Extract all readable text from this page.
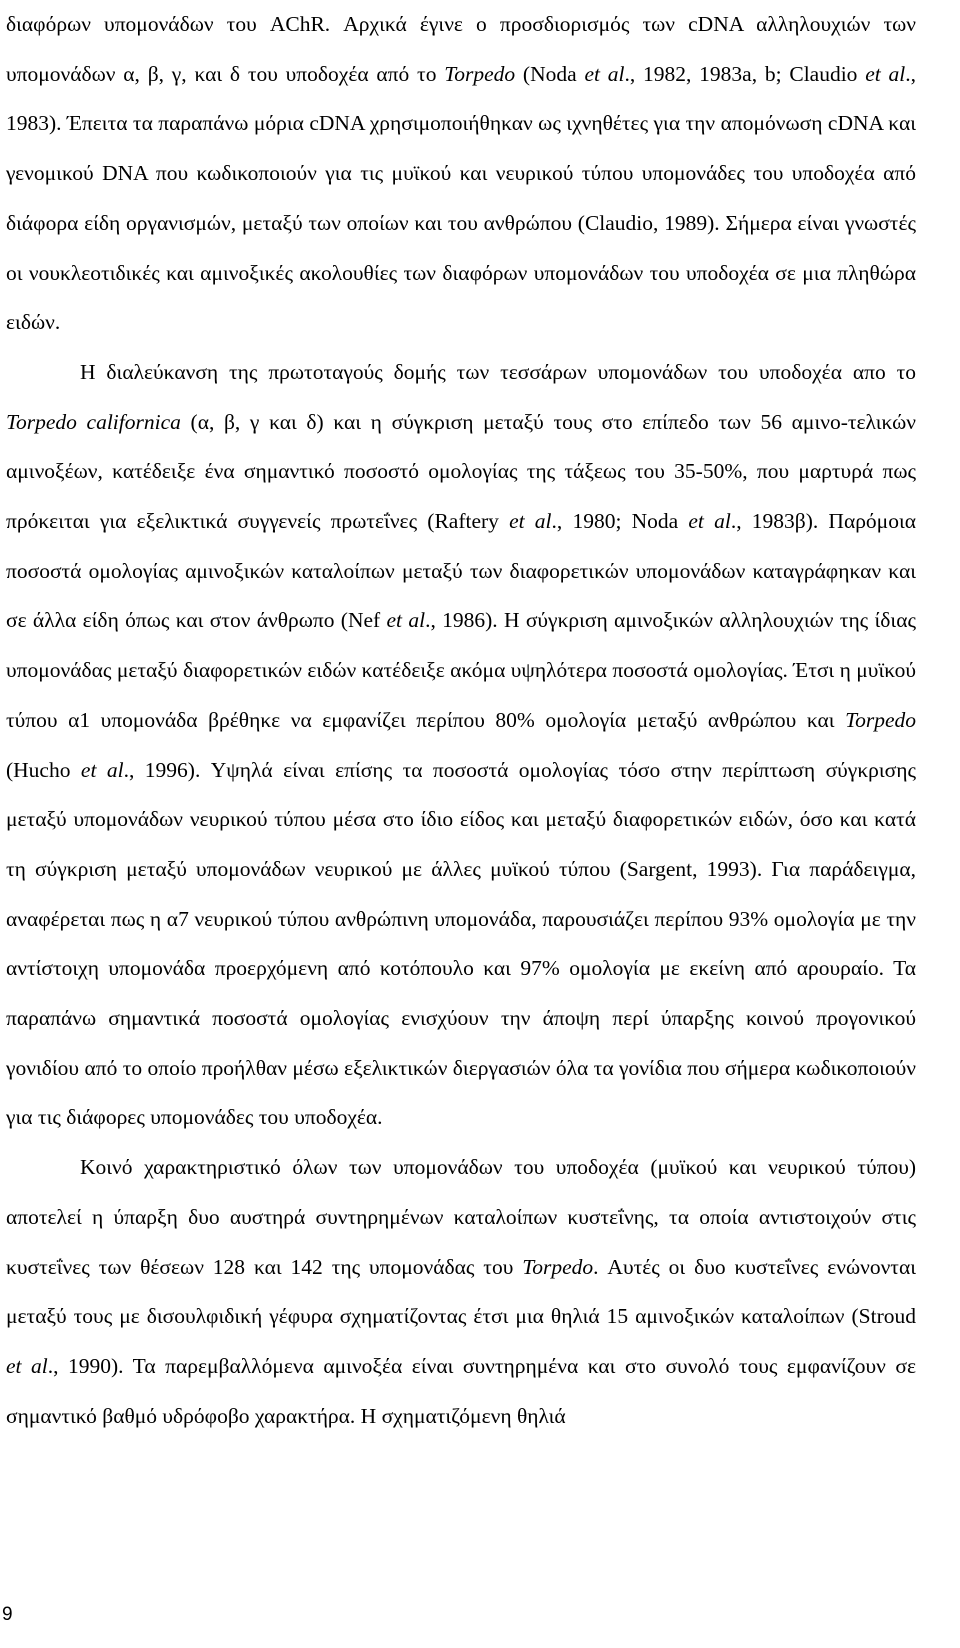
διαφόρων υπομονάδων του AChR. Αρχικά έγινε ο προσδιορισμός των cDNA αλληλουχιών των υπομονάδων α, β, γ, και δ του υποδοχέα από το Torpedo (Noda et al., 1982, 1983a, b; Claudio et al., 1983). Έπειτα τα παραπάνω μόρια cDNA χρησιμοποιήθηκαν ως ιχνηθέτες για την απομόνωση cDNA και γενομικού DNA που κωδικοποιούν για τις μυϊκού και νευρικού τύπου υπομονάδες του υποδοχέα από διάφορα είδη οργανισμών, μεταξύ των οποίων και του ανθρώπου (Claudio, 1989). Σήμερα είναι γνωστές οι νουκλεοτιδικές και αμινοξικές ακολουθίες των διαφόρων υπομονάδων του υποδοχέα σε μια πληθώρα ειδών.

Η διαλεύκανση της πρωτοταγούς δομής των τεσσάρων υπομονάδων του υποδοχέα απο το Torpedo californica (α, β, γ και δ) και η σύγκριση μεταξύ τους στο επίπεδο των 56 αμινο-τελικών αμινοξέων, κατέδειξε ένα σημαντικό ποσοστό ομολογίας της τάξεως του 35-50%, που μαρτυρά πως πρόκειται για εξελικτικά συγγενείς πρωτεΐνες (Raftery et al., 1980; Noda et al., 1983β). Παρόμοια ποσοστά ομολογίας αμινοξικών καταλοίπων μεταξύ των διαφορετικών υπομονάδων καταγράφηκαν και σε άλλα είδη όπως και στον άνθρωπο (Nef et al., 1986). Η σύγκριση αμινοξικών αλληλουχιών της ίδιας υπομονάδας μεταξύ διαφορετικών ειδών κατέδειξε ακόμα υψηλότερα ποσοστά ομολογίας. Έτσι η μυϊκού τύπου α1 υπομονάδα βρέθηκε να εμφανίζει περίπου 80% ομολογία μεταξύ ανθρώπου και Torpedo (Hucho et al., 1996). Υψηλά είναι επίσης τα ποσοστά ομολογίας τόσο στην περίπτωση σύγκρισης μεταξύ υπομονάδων νευρικού τύπου μέσα στο ίδιο είδος και μεταξύ διαφορετικών ειδών, όσο και κατά τη σύγκριση μεταξύ υπομονάδων νευρικού με άλλες μυϊκού τύπου (Sargent, 1993). Για παράδειγμα, αναφέρεται πως η α7 νευρικού τύπου ανθρώπινη υπομονάδα, παρουσιάζει περίπου 93% ομολογία με την αντίστοιχη υπομονάδα προερχόμενη από κοτόπουλο και 97% ομολογία με εκείνη από αρουραίο. Τα παραπάνω σημαντικά ποσοστά ομολογίας ενισχύουν την άποψη περί ύπαρξης κοινού προγονικού γονιδίου από το οποίο προήλθαν μέσω εξελικτικών διεργασιών όλα τα γονίδια που σήμερα κωδικοποιούν για τις διάφορες υπομονάδες του υποδοχέα.

Κοινό χαρακτηριστικό όλων των υπομονάδων του υποδοχέα (μυϊκού και νευρικού τύπου) αποτελεί η ύπαρξη δυο αυστηρά συντηρημένων καταλοίπων κυστεΐνης, τα οποία αντιστοιχούν στις κυστεΐνες των θέσεων 128 και 142 της υπομονάδας του Torpedo. Αυτές οι δυο κυστεΐνες ενώνονται μεταξύ τους με δισουλφιδική γέφυρα σχηματίζοντας έτσι μια θηλιά 15 αμινοξικών καταλοίπων (Stroud et al., 1990). Τα παρεμβαλλόμενα αμινοξέα είναι συντηρημένα και στο συνολό τους εμφανίζουν σε σημαντικό βαθμό υδρόφοβο χαρακτήρα. Η σχηματιζόμενη θηλιά

9
